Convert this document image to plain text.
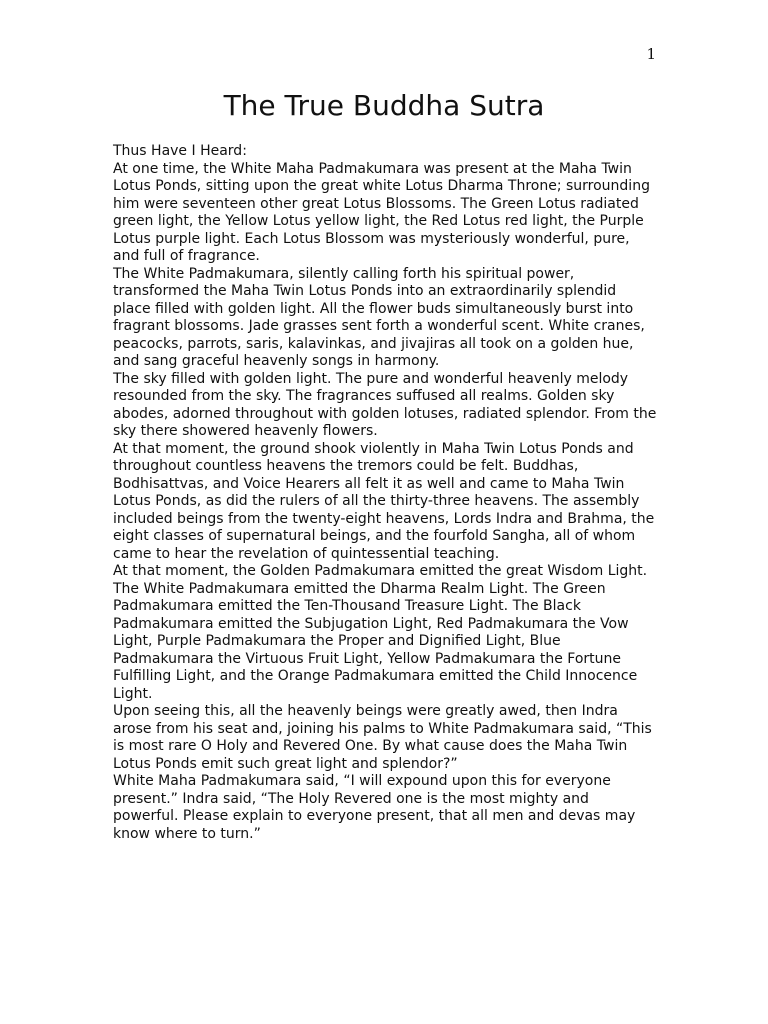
1
The True Buddha Sutra

Thus Have I Heard:

At one time, the White Maha Padmakumara was present at the Maha Twin Lotus Ponds, sitting upon the great white Lotus Dharma Throne; surrounding him were seventeen other great Lotus Blossoms. The Green Lotus radiated green light, the Yellow Lotus yellow light, the Red Lotus red light, the Purple Lotus purple light. Each Lotus Blossom was mysteriously wonderful, pure, and full of fragrance.

The White Padmakumara, silently calling forth his spiritual power, transformed the Maha Twin Lotus Ponds into an extraordinarily splendid place filled with golden light. All the flower buds simultaneously burst into fragrant blossoms. Jade grasses sent forth a wonderful scent. White cranes, peacocks, parrots, saris, kalavinkas, and jivajiras all took on a golden hue, and sang graceful heavenly songs in harmony.

The sky filled with golden light. The pure and wonderful heavenly melody resounded from the sky. The fragrances suffused all realms. Golden sky abodes, adorned throughout with golden lotuses, radiated splendor. From the sky there showered heavenly flowers.

At that moment, the ground shook violently in Maha Twin Lotus Ponds and throughout countless heavens the tremors could be felt. Buddhas, Bodhisattvas, and Voice Hearers all felt it as well and came to Maha Twin Lotus Ponds, as did the rulers of all the thirty-three heavens. The assembly included beings from the twenty-eight heavens, Lords Indra and Brahma, the eight classes of supernatural beings, and the fourfold Sangha, all of whom came to hear the revelation of quintessential teaching.

At that moment, the Golden Padmakumara emitted the great Wisdom Light. The White Padmakumara emitted the Dharma Realm Light. The Green Padmakumara emitted the Ten-Thousand Treasure Light. The Black Padmakumara emitted the Subjugation Light, Red Padmakumara the Vow Light, Purple Padmakumara the Proper and Dignified Light, Blue Padmakumara the Virtuous Fruit Light, Yellow Padmakumara the Fortune Fulfilling Light, and the Orange Padmakumara emitted the Child Innocence Light.

Upon seeing this, all the heavenly beings were greatly awed, then Indra arose from his seat and, joining his palms to White Padmakumara said, “This is most rare O Holy and Revered One. By what cause does the Maha Twin Lotus Ponds emit such great light and splendor?”

White Maha Padmakumara said, “I will expound upon this for everyone present.” Indra said, “The Holy Revered one is the most mighty and powerful. Please explain to everyone present, that all men and devas may know where to turn.”
